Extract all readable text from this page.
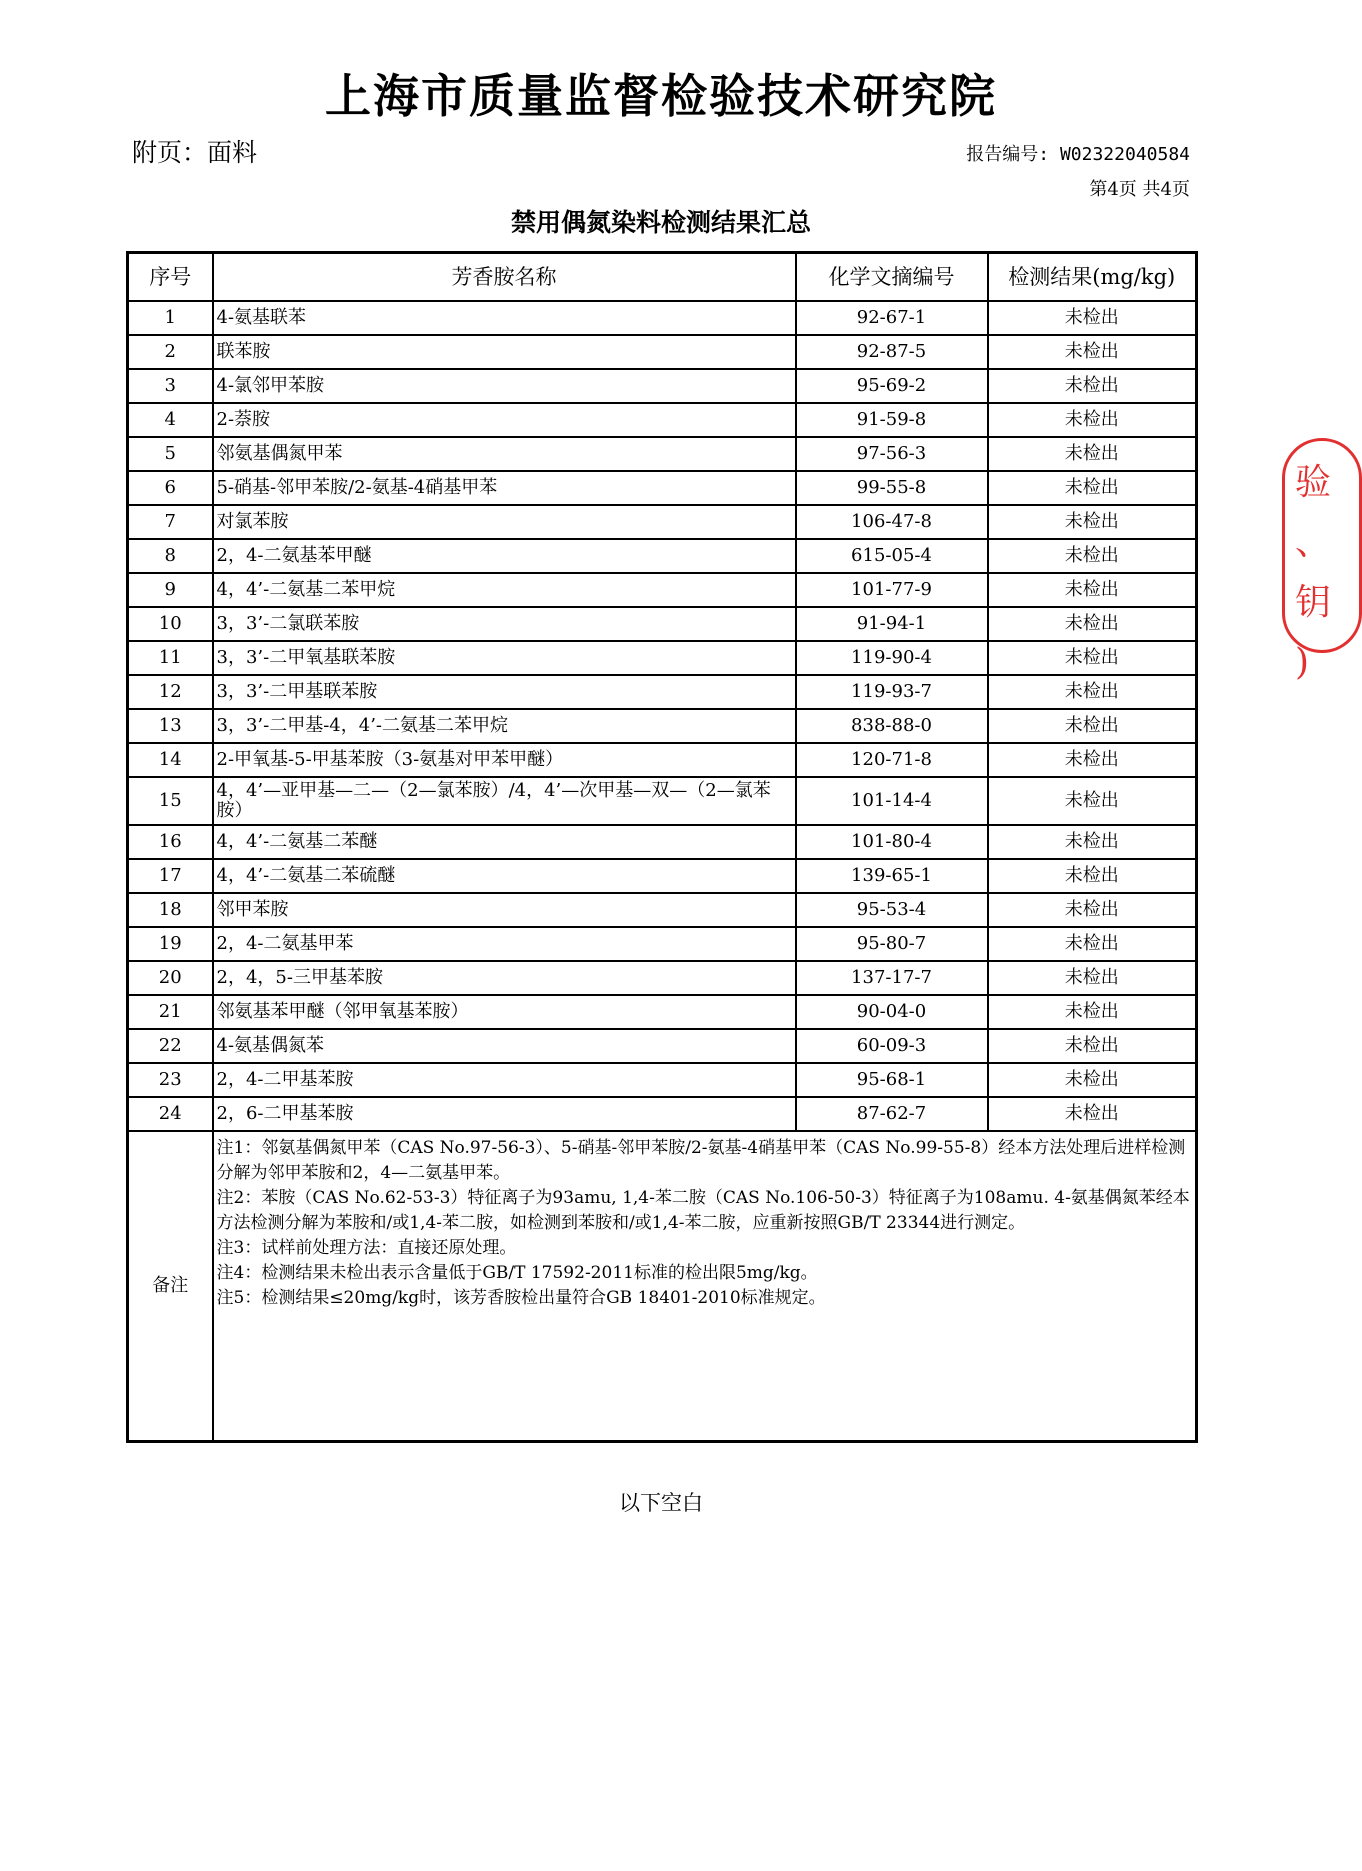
上海市质量监督检验技术研究院
附页：面料	报告编号: W02322040584
第4页 共4页
禁用偶氮染料检测结果汇总
序号	芳香胺名称	化学文摘编号	检测结果(mg/kg)
1	4-氨基联苯	92-67-1	未检出
2	联苯胺	92-87-5	未检出
3	4-氯邻甲苯胺	95-69-2	未检出
4	2-萘胺	91-59-8	未检出
5	邻氨基偶氮甲苯	97-56-3	未检出
6	5-硝基-邻甲苯胺/2-氨基-4硝基甲苯	99-55-8	未检出
7	对氯苯胺	106-47-8	未检出
8	2，4-二氨基苯甲醚	615-05-4	未检出
9	4，4’-二氨基二苯甲烷	101-77-9	未检出
10	3，3’-二氯联苯胺	91-94-1	未检出
11	3，3’-二甲氧基联苯胺	119-90-4	未检出
12	3，3’-二甲基联苯胺	119-93-7	未检出
13	3，3’-二甲基-4，4’-二氨基二苯甲烷	838-88-0	未检出
14	2-甲氧基-5-甲基苯胺（3-氨基对甲苯甲醚）	120-71-8	未检出
15	4，4’—亚甲基—二—（2—氯苯胺）/4，4’—次甲基—双—（2—氯苯胺）	101-14-4	未检出
16	4，4’-二氨基二苯醚	101-80-4	未检出
17	4，4’-二氨基二苯硫醚	139-65-1	未检出
18	邻甲苯胺	95-53-4	未检出
19	2，4-二氨基甲苯	95-80-7	未检出
20	2，4，5-三甲基苯胺	137-17-7	未检出
21	邻氨基苯甲醚（邻甲氧基苯胺）	90-04-0	未检出
22	4-氨基偶氮苯	60-09-3	未检出
23	2，4-二甲基苯胺	95-68-1	未检出
24	2，6-二甲基苯胺	87-62-7	未检出
备注	注1：邻氨基偶氮甲苯（CAS No.97-56-3）、5-硝基-邻甲苯胺/2-氨基-4硝基甲苯（CAS No.99-55-8）经本方法处理后进样检测分解为邻甲苯胺和2，4—二氨基甲苯。
注2：苯胺（CAS No.62-53-3）特征离子为93amu, 1,4-苯二胺（CAS No.106-50-3）特征离子为108amu. 4-氨基偶氮苯经本方法检测分解为苯胺和/或1,4-苯二胺，如检测到苯胺和/或1,4-苯二胺，应重新按照GB/T 23344进行测定。
注3：试样前处理方法：直接还原处理。
注4：检测结果未检出表示含量低于GB/T 17592-2011标准的检出限5mg/kg。
注5：检测结果≤20mg/kg时，该芳香胺检出量符合GB 18401-2010标准规定。		
以下空白
验
、
钥
)
